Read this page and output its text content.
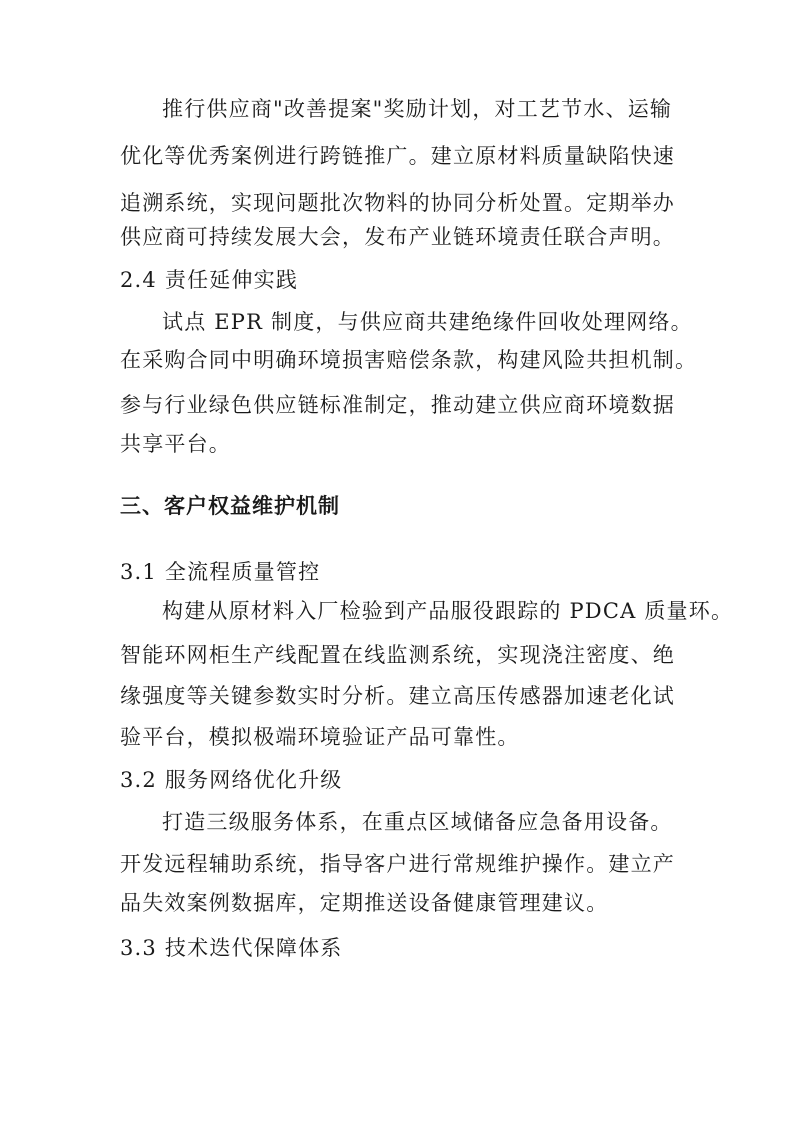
推行供应商"改善提案"奖励计划，对工艺节水、运输
优化等优秀案例进行跨链推广。建立原材料质量缺陷快速
追溯系统，实现问题批次物料的协同分析处置。定期举办
供应商可持续发展大会，发布产业链环境责任联合声明。
2.4 责任延伸实践
试点 EPR 制度，与供应商共建绝缘件回收处理网络。
在采购合同中明确环境损害赔偿条款，构建风险共担机制。
参与行业绿色供应链标准制定，推动建立供应商环境数据
共享平台。
三、客户权益维护机制
3.1 全流程质量管控
构建从原材料入厂检验到产品服役跟踪的 PDCA 质量环。
智能环网柜生产线配置在线监测系统，实现浇注密度、绝
缘强度等关键参数实时分析。建立高压传感器加速老化试
验平台，模拟极端环境验证产品可靠性。
3.2 服务网络优化升级
打造三级服务体系，在重点区域储备应急备用设备。
开发远程辅助系统，指导客户进行常规维护操作。建立产
品失效案例数据库，定期推送设备健康管理建议。
3.3 技术迭代保障体系
